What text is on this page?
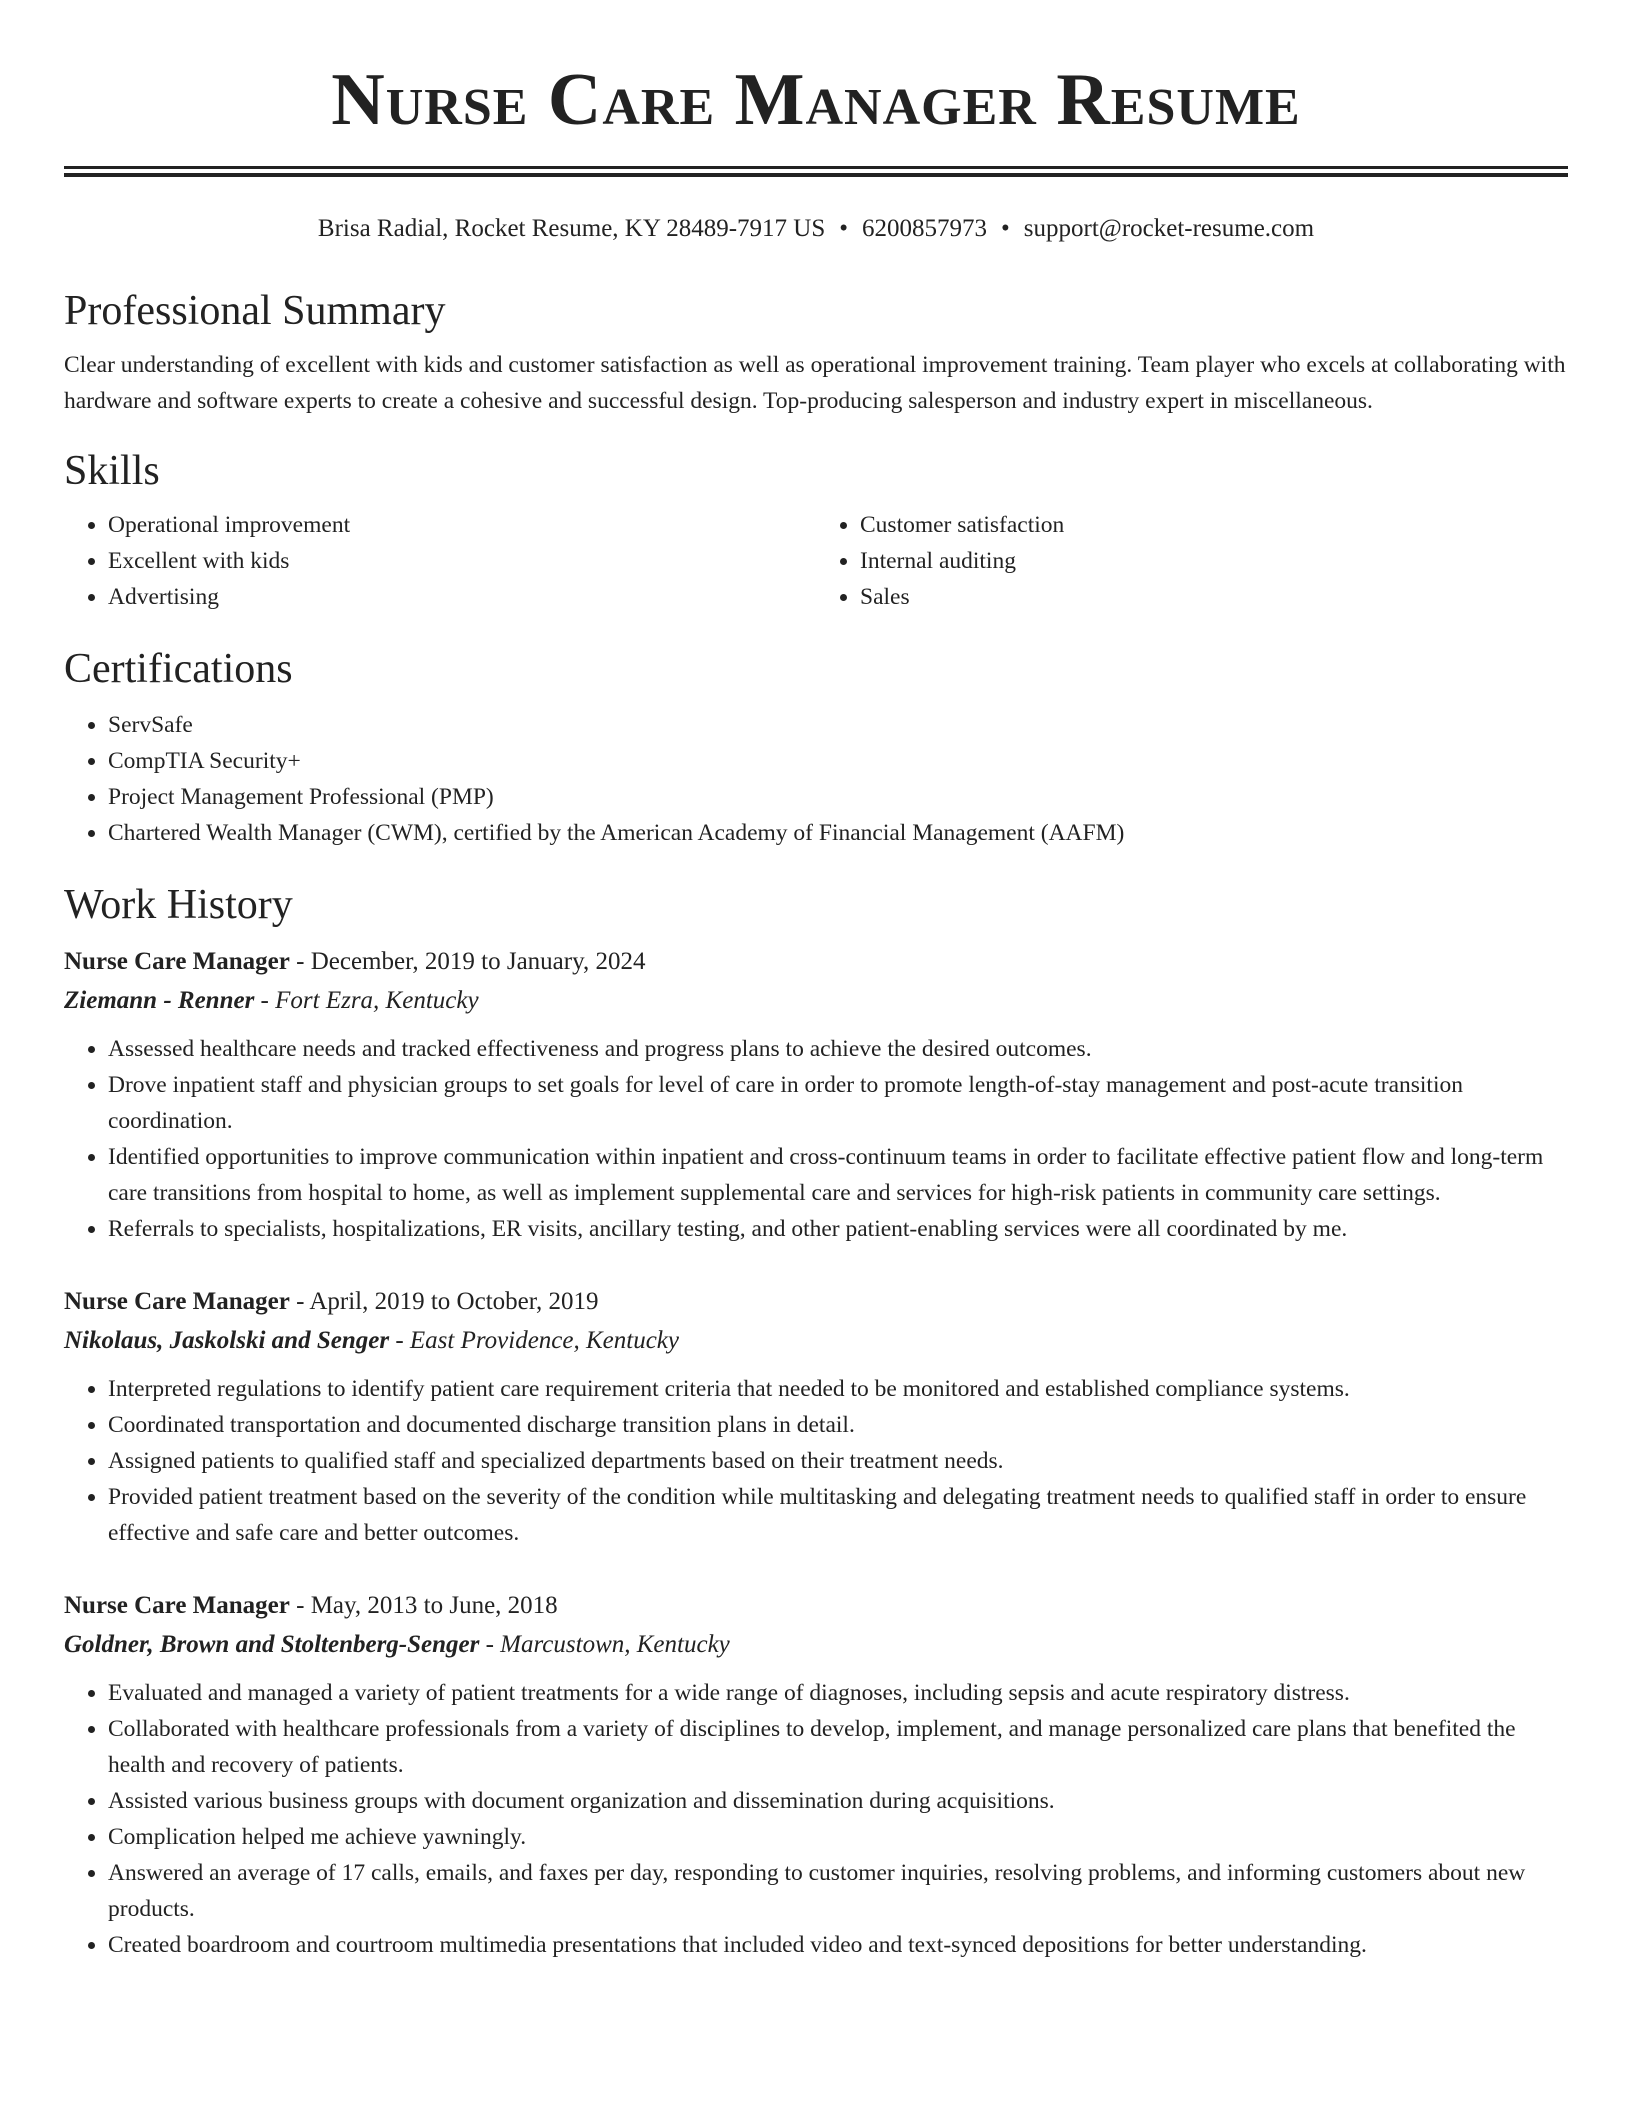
Nurse Care Manager Resume
Brisa Radial, Rocket Resume, KY 28489-7917 US • 6200857973 • support@rocket-resume.com
Professional Summary

Clear understanding of excellent with kids and customer satisfaction as well as operational improvement training. Team player who excels at collaborating with hardware and software experts to create a cohesive and successful design. Top-producing salesperson and industry expert in miscellaneous.

Skills
• Operational improvement
• Excellent with kids
• Advertising
• Customer satisfaction
• Internal auditing
• Sales
Certifications
• ServSafe
• CompTIA Security+
• Project Management Professional (PMP)
• Chartered Wealth Manager (CWM), certified by the American Academy of Financial Management (AAFM)
Work History
Nurse Care Manager - December, 2019 to January, 2024
Ziemann - Renner - Fort Ezra, Kentucky
• Assessed healthcare needs and tracked effectiveness and progress plans to achieve the desired outcomes.
• Drove inpatient staff and physician groups to set goals for level of care in order to promote length-of-stay management and post-acute transition coordination.
• Identified opportunities to improve communication within inpatient and cross-continuum teams in order to facilitate effective patient flow and long-term care transitions from hospital to home, as well as implement supplemental care and services for high-risk patients in community care settings.
• Referrals to specialists, hospitalizations, ER visits, ancillary testing, and other patient-enabling services were all coordinated by me.
Nurse Care Manager - April, 2019 to October, 2019
Nikolaus, Jaskolski and Senger - East Providence, Kentucky
• Interpreted regulations to identify patient care requirement criteria that needed to be monitored and established compliance systems.
• Coordinated transportation and documented discharge transition plans in detail.
• Assigned patients to qualified staff and specialized departments based on their treatment needs.
• Provided patient treatment based on the severity of the condition while multitasking and delegating treatment needs to qualified staff in order to ensure effective and safe care and better outcomes.
Nurse Care Manager - May, 2013 to June, 2018
Goldner, Brown and Stoltenberg-Senger - Marcustown, Kentucky
• Evaluated and managed a variety of patient treatments for a wide range of diagnoses, including sepsis and acute respiratory distress.
• Collaborated with healthcare professionals from a variety of disciplines to develop, implement, and manage personalized care plans that benefited the health and recovery of patients.
• Assisted various business groups with document organization and dissemination during acquisitions.
• Complication helped me achieve yawningly.
• Answered an average of 17 calls, emails, and faxes per day, responding to customer inquiries, resolving problems, and informing customers about new products.
• Created boardroom and courtroom multimedia presentations that included video and text-synced depositions for better understanding.
